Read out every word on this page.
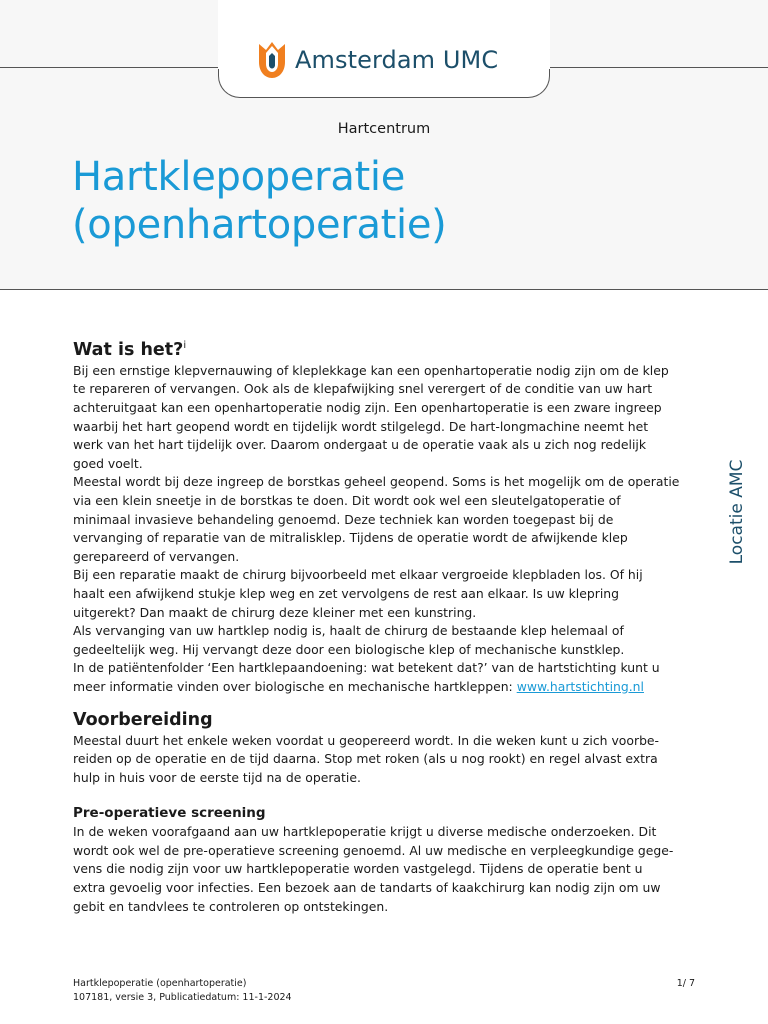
Amsterdam UMC
Hartcentrum
Hartklepoperatie
(openhartoperatie)
Locatie AMC
Wat is het?$^i$

Bij een ernstige klepvernauwing of kleplekkage kan een openhartoperatie nodig zijn om de klep

te repareren of vervangen. Ook als de klepafwijking snel verergert of de conditie van uw hart

achteruitgaat kan een openhartoperatie nodig zijn. Een openhartoperatie is een zware ingreep

waarbij het hart geopend wordt en tijdelijk wordt stilgelegd. De hart-longmachine neemt het

werk van het hart tijdelijk over. Daarom ondergaat u de operatie vaak als u zich nog redelijk

goed voelt.

Meestal wordt bij deze ingreep de borstkas geheel geopend. Soms is het mogelijk om de operatie

via een klein sneetje in de borstkas te doen. Dit wordt ook wel een sleutelgatoperatie of

minimaal invasieve behandeling genoemd. Deze techniek kan worden toegepast bij de

vervanging of reparatie van de mitralisklep. Tijdens de operatie wordt de afwijkende klep

gerepareerd of vervangen.

Bij een reparatie maakt de chirurg bijvoorbeeld met elkaar vergroeide klepbladen los. Of hij

haalt een afwijkend stukje klep weg en zet vervolgens de rest aan elkaar. Is uw klepring

uitgerekt? Dan maakt de chirurg deze kleiner met een kunstring.

Als vervanging van uw hartklep nodig is, haalt de chirurg de bestaande klep helemaal of

gedeeltelijk weg. Hij vervangt deze door een biologische klep of mechanische kunstklep.

In de patiëntenfolder ‘Een hartklepaandoening: wat betekent dat?’ van de hartstichting kunt u

meer informatie vinden over biologische en mechanische hartkleppen: www.hartstichting.nl

Voorbereiding

Meestal duurt het enkele weken voordat u geopereerd wordt. In die weken kunt u zich voorbe-

reiden op de operatie en de tijd daarna. Stop met roken (als u nog rookt) en regel alvast extra

hulp in huis voor de eerste tijd na de operatie.

Pre-operatieve screening

In de weken voorafgaand aan uw hartklepoperatie krijgt u diverse medische onderzoeken. Dit

wordt ook wel de pre-operatieve screening genoemd. Al uw medische en verpleegkundige gege-

vens die nodig zijn voor uw hartklepoperatie worden vastgelegd. Tijdens de operatie bent u

extra gevoelig voor infecties. Een bezoek aan de tandarts of kaakchirurg kan nodig zijn om uw

gebit en tandvlees te controleren op ontstekingen.

Hartklepoperatie (openhartoperatie)
107181, versie 3, Publicatiedatum: 11-1-2024
1/ 7
